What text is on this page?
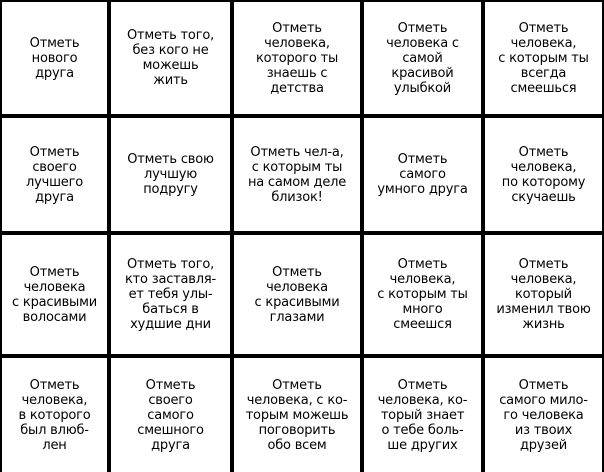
Отметь
нового
друга
Отметь того,
без кого не
можешь
жить
Отметь
человека,
которого ты
знаешь с
детства
Отметь
человека с
самой
красивой
улыбкой
Отметь
человека,
с которым ты
всегда
смеешься
Отметь
своего
лучшего
друга
Отметь свою
лучшую
подругу
Отметь чел-а,
с которым ты
на самом деле
близок!
Отметь
самого
умного друга
Отметь
человека,
по которому
скучаешь
Отметь
человека
с красивыми
волосами
Отметь того,
кто заставля-
ет тебя улы-
баться в
худшие дни
Отметь
человека
с красивыми
глазами
Отметь
человека,
с которым ты
много
смеешся
Отметь
человека,
который
изменил твою
жизнь
Отметь
человека,
в которого
был влюб-
лен
Отметь
своего
самого
смешного
друга
Отметь
человека, с ко-
торым можешь
поговорить
обо всем
Отметь
человека, ко-
торый знает
о тебе боль-
ше других
Отметь
самого мило-
го человека
из твоих
друзей
